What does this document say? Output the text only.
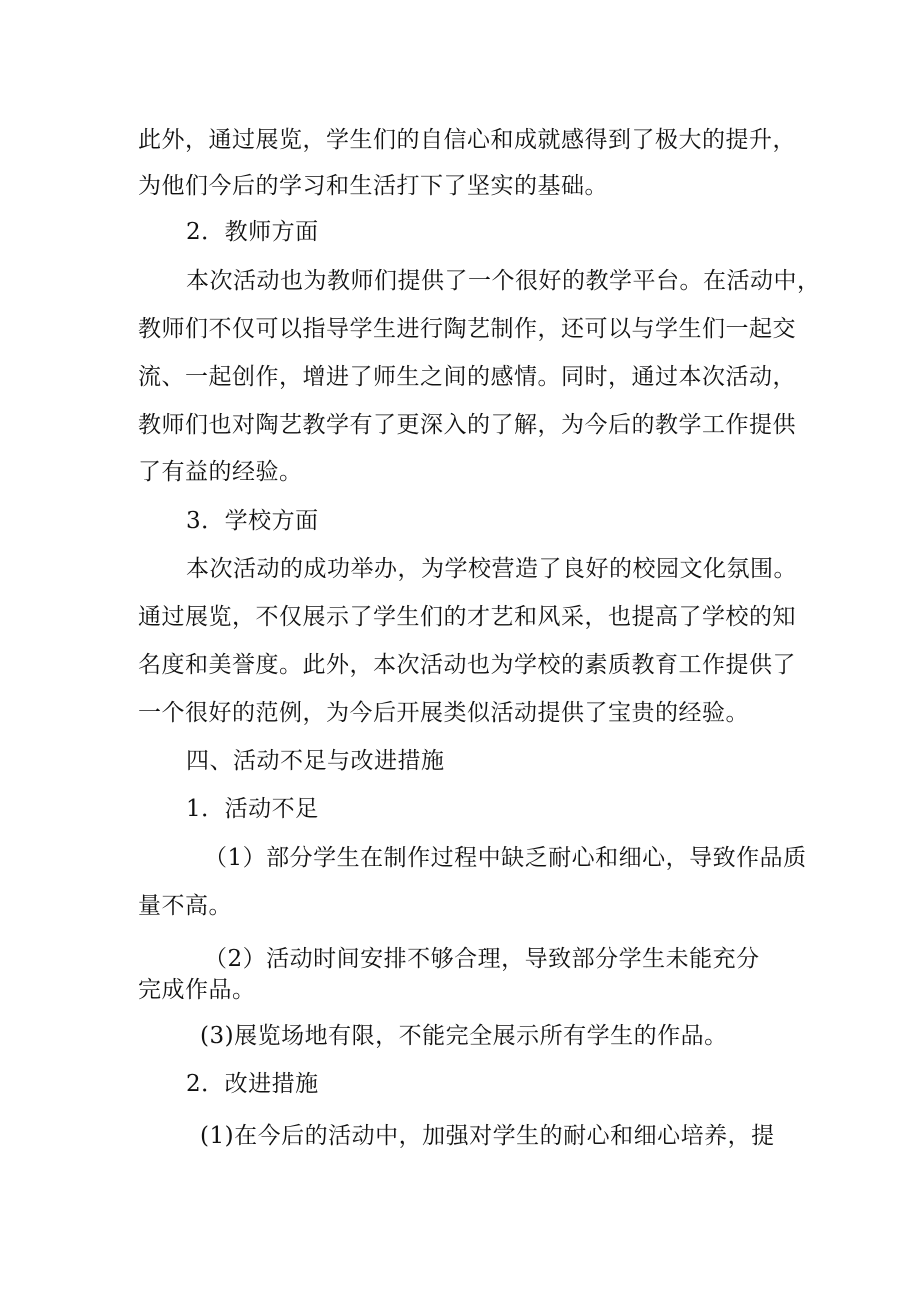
此外，通过展览，学生们的自信心和成就感得到了极大的提升，
为他们今后的学习和生活打下了坚实的基础。
2．教师方面
本次活动也为教师们提供了一个很好的教学平台。在活动中，
教师们不仅可以指导学生进行陶艺制作，还可以与学生们一起交
流、一起创作，增进了师生之间的感情。同时，通过本次活动，
教师们也对陶艺教学有了更深入的了解，为今后的教学工作提供
了有益的经验。
3．学校方面
本次活动的成功举办，为学校营造了良好的校园文化氛围。
通过展览，不仅展示了学生们的才艺和风采，也提高了学校的知
名度和美誉度。此外，本次活动也为学校的素质教育工作提供了
一个很好的范例，为今后开展类似活动提供了宝贵的经验。
四、活动不足与改进措施
1．活动不足
（1）部分学生在制作过程中缺乏耐心和细心，导致作品质
量不高。
（2）活动时间安排不够合理，导致部分学生未能充分
完成作品。
(3)展览场地有限，不能完全展示所有学生的作品。
2．改进措施
(1)在今后的活动中，加强对学生的耐心和细心培养，提
